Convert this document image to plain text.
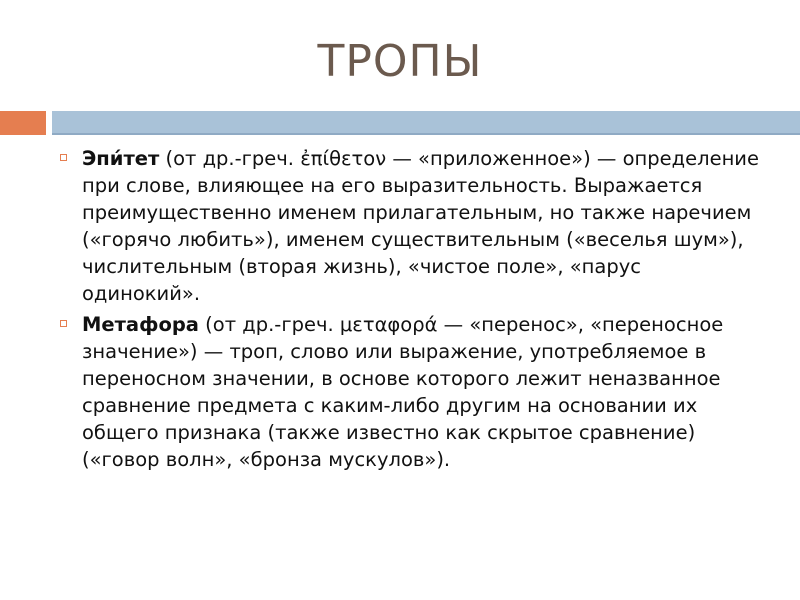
ТРОПЫ
Эпи́тет (от др.-греч. ἐπίθετον — «приложенное») — определение при слове, влияющее на его выразительность. Выражается преимущественно именем прилагательным, но также наречием («горячо любить»), именем существительным («веселья шум»), числительным (вторая жизнь), «чистое поле», «парус одинокий».
Метафора (от др.-греч. μεταφορά — «перенос», «переносное значение») — троп, слово или выражение, употребляемое в переносном значении, в основе которого лежит неназванное сравнение предмета с каким-либо другим на основании их общего признака (также известно как скрытое сравнение) («говор волн», «бронза мускулов»).
